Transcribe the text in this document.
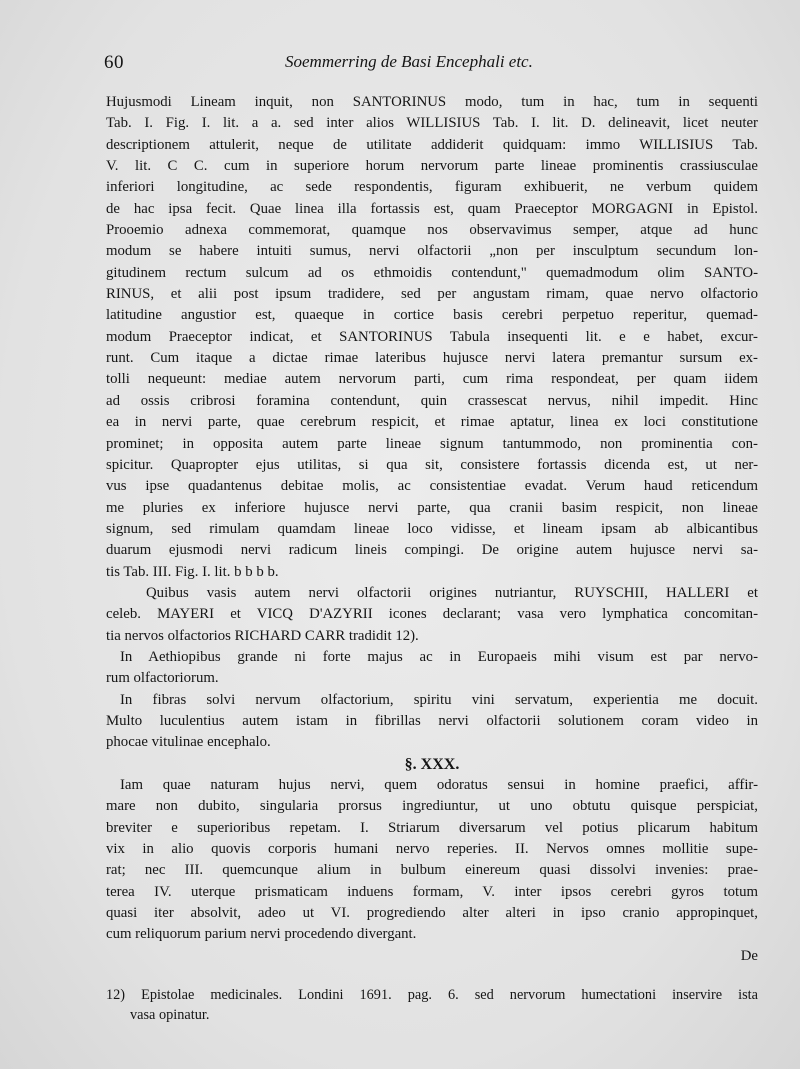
60	Soemmerring de Basi Encephali etc.
Hujusmodi Lineam inquit, non SANTORINUS modo, tum in hac, tum in sequenti
Tab. I. Fig. I. lit. a a. sed inter alios WILLISIUS Tab. I. lit. D. delineavit, licet neuter
descriptionem attulerit, neque de utilitate addiderit quidquam: immo WILLISIUS Tab.
V. lit. C C. cum in superiore horum nervorum parte lineae prominentis crassiusculae
inferiori longitudine, ac sede respondentis, figuram exhibuerit, ne verbum quidem
de hac ipsa fecit. Quae linea illa fortassis est, quam Praeceptor MORGAGNI in Epistol.
Prooemio adnexa commemorat, quamque nos observavimus semper, atque ad hunc
modum se habere intuiti sumus, nervi olfactorii „non per insculptum secundum lon-
gitudinem rectum sulcum ad os ethmoidis contendunt," quemadmodum olim SANTO-
RINUS, et alii post ipsum tradidere, sed per angustam rimam, quae nervo olfactorio
latitudine angustior est, quaeque in cortice basis cerebri perpetuo reperitur, quemad-
modum Praeceptor indicat, et SANTORINUS Tabula insequenti lit. e e habet, excur-
runt. Cum itaque a dictae rimae lateribus hujusce nervi latera premantur sursum ex-
tolli nequeunt: mediae autem nervorum parti, cum rima respondeat, per quam iidem
ad ossis cribrosi foramina contendunt, quin crassescat nervus, nihil impedit. Hinc
ea in nervi parte, quae cerebrum respicit, et rimae aptatur, linea ex loci constitutione
prominet; in opposita autem parte lineae signum tantummodo, non prominentia con-
spicitur. Quapropter ejus utilitas, si qua sit, consistere fortassis dicenda est, ut ner-
vus ipse quadantenus debitae molis, ac consistentiae evadat. Verum haud reticendum
me pluries ex inferiore hujusce nervi parte, qua cranii basim respicit, non lineae
signum, sed rimulam quamdam lineae loco vidisse, et lineam ipsam ab albicantibus
duarum ejusmodi nervi radicum lineis compingi. De origine autem hujusce nervi sa-
tis Tab. III. Fig. I. lit. b b b b.
Quibus vasis autem nervi olfactorii origines nutriantur, RUYSCHII, HALLERI et
celeb. MAYERI et VICQ D'AZYRII icones declarant; vasa vero lymphatica concomitan-
tia nervos olfactorios RICHARD CARR tradidit 12).
In Aethiopibus grande ni forte majus ac in Europaeis mihi visum est par nervo-
rum olfactoriorum.
In fibras solvi nervum olfactorium, spiritu vini servatum, experientia me docuit.
Multo luculentius autem istam in fibrillas nervi olfactorii solutionem coram video in
phocae vitulinae encephalo.
§. XXX.
Iam quae naturam hujus nervi, quem odoratus sensui in homine praefici, affir-
mare non dubito, singularia prorsus ingrediuntur, ut uno obtutu quisque perspiciat,
breviter e superioribus repetam. I. Striarum diversarum vel potius plicarum habitum
vix in alio quovis corporis humani nervo reperies. II. Nervos omnes mollitie supe-
rat; nec III. quemcunque alium in bulbum einereum quasi dissolvi invenies: prae-
terea IV. uterque prismaticam induens formam, V. inter ipsos cerebri gyros totum
quasi iter absolvit, adeo ut VI. progrediendo alter alteri in ipso cranio appropinquet,
cum reliquorum parium nervi procedendo divergant.
De
12) Epistolae medicinales. Londini 1691. pag. 6. sed nervorum humectationi inservire ista
vasa opinatur.
